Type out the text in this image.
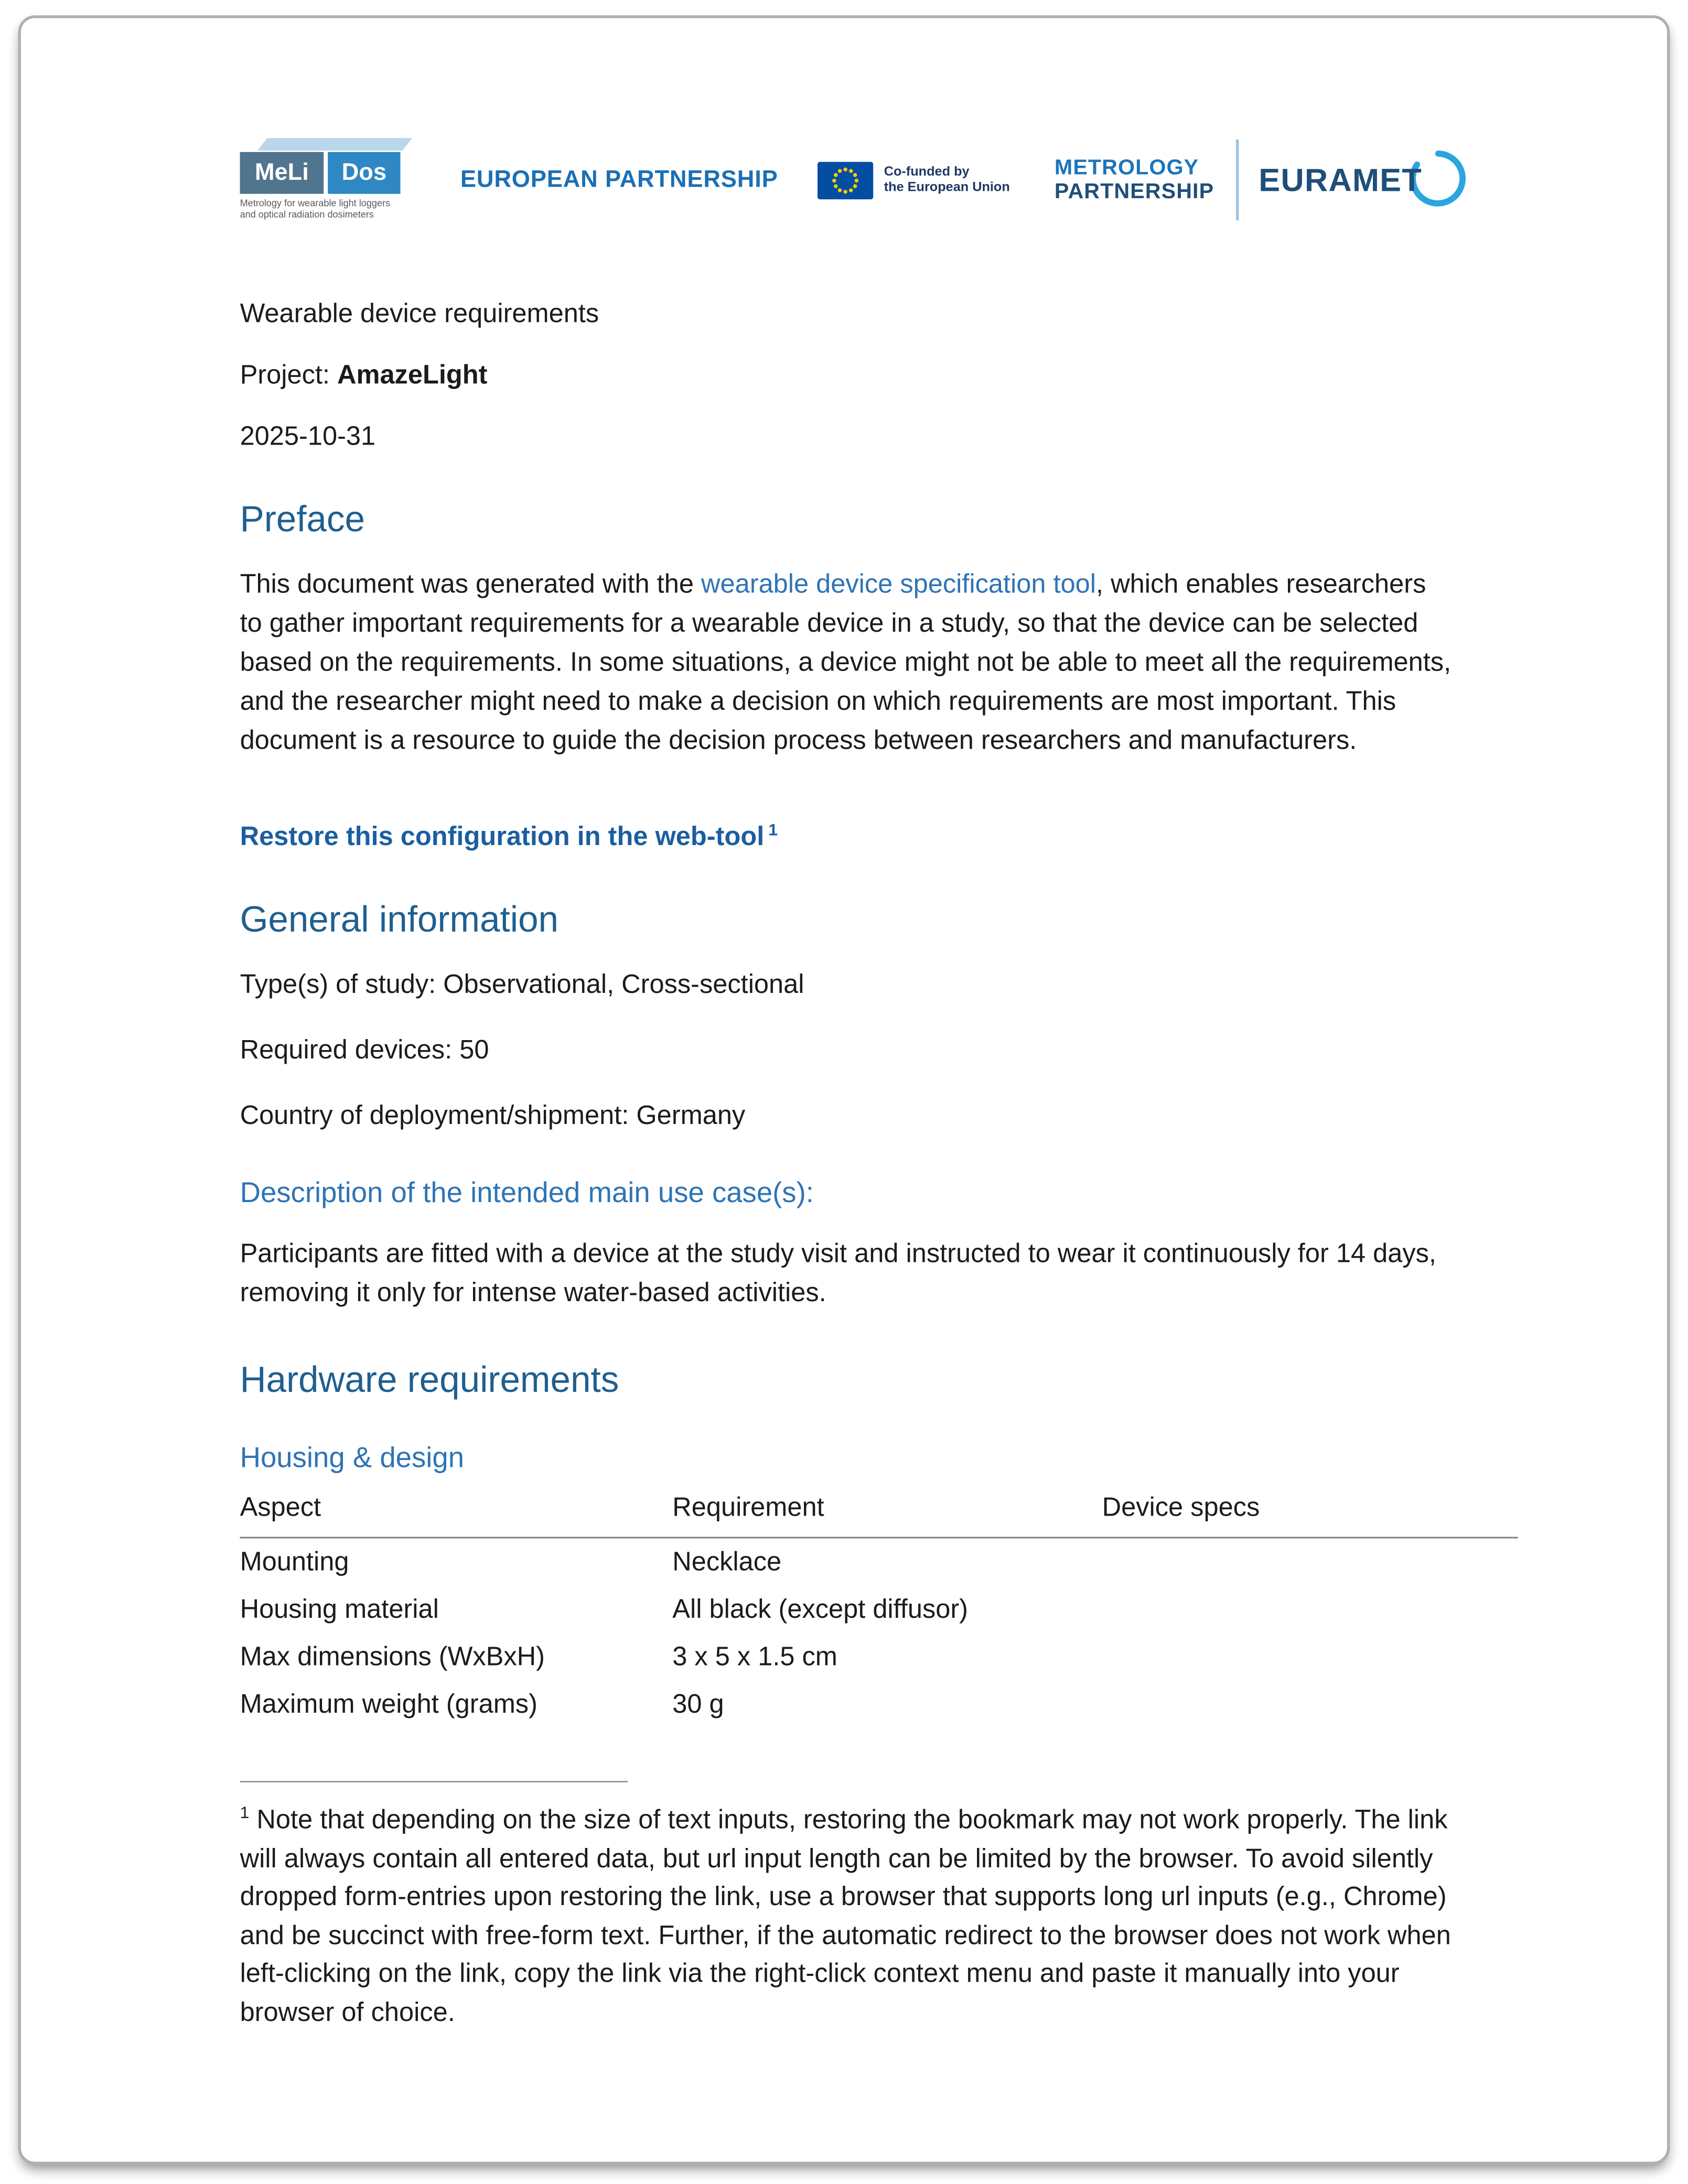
MeLi	Dos
Metrology for wearable light loggers
and optical radiation dosimeters
EUROPEAN PARTNERSHIP	Co-funded by
the European Union
METROLOGY
PARTNERSHIP	EURAMET
Wearable device requirements
Project: AmazeLight
2025-10-31
Preface

This document was generated with the wearable device specification tool, which enables researchers to gather important requirements for a wearable device in a study, so that the device can be selected based on the requirements. In some situations, a device might not be able to meet all the requirements, and the researcher might need to make a decision on which requirements are most important. This document is a resource to guide the decision process between researchers and manufacturers.

Restore this configuration in the web-tool $^1$
General information

Type(s) of study: Observational, Cross-sectional

Required devices: 50

Country of deployment/shipment: Germany

Description of the intended main use case(s):

Participants are fitted with a device at the study visit and instructed to wear it continuously for 14 days, removing it only for intense water-based activities.

Hardware requirements
Housing & design
Aspect	Requirement	Device specs
Mounting	Necklace	
Housing material	All black (except diffusor)	
Max dimensions (WxBxH)	3 x 5 x 1.5 cm	
Maximum weight (grams)	30 g	

$^1$ Note that depending on the size of text inputs, restoring the bookmark may not work properly. The link will always contain all entered data, but url input length can be limited by the browser. To avoid silently dropped form-entries upon restoring the link, use a browser that supports long url inputs (e.g., Chrome) and be succinct with free-form text. Further, if the automatic redirect to the browser does not work when left-clicking on the link, copy the link via the right-click context menu and paste it manually into your browser of choice.
